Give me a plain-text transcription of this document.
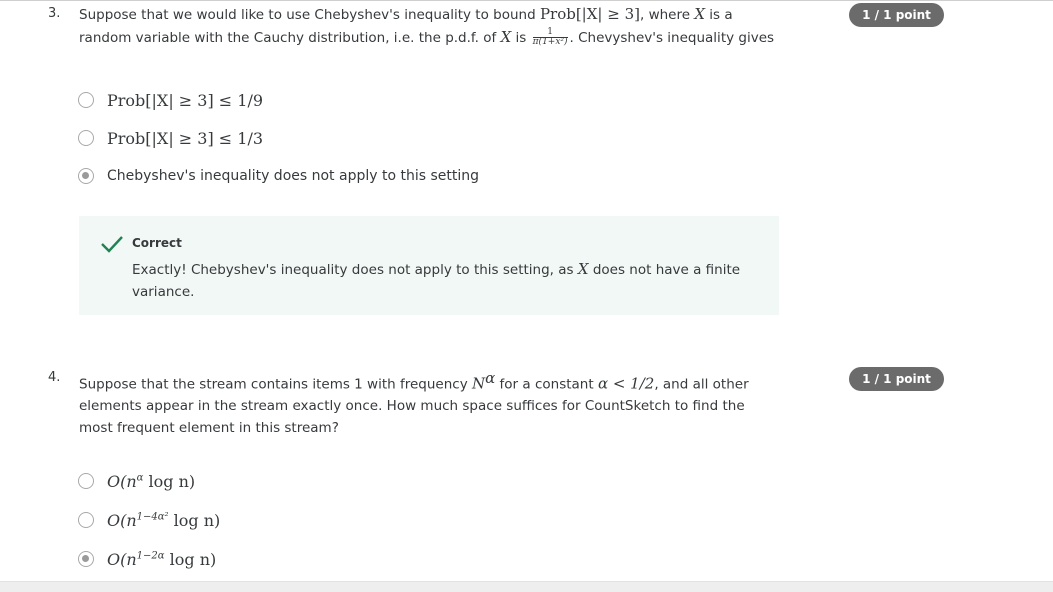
3. Suppose that we would like to use Chebyshev's inequality to bound Prob[|X| ≥ 3], where X is a random variable with the Cauchy distribution, i.e. the p.d.f. of X is $\frac{1}{\text{π(1+x²)}}$ . Chevyshev's inequality gives
1 / 1 point
Prob[|X| ≥ 3] ≤ 1/9
Prob[|X| ≥ 3] ≤ 1/3
Chebyshev's inequality does not apply to this setting
Correct
Exactly! Chebyshev's inequality does not apply to this setting, as X does not have a finite variance.
4. Suppose that the stream contains items 1 with frequency $N^\alpha$ for a constant α < 1/2, and all other elements appear in the stream exactly once. How much space suffices for CountSketch to find the most frequent element in this stream?
1 / 1 point
$O(n^\alpha$ log n)
$O(n^{1-4\alpha^2}$ log n)
$O(n^{1-2\alpha}$ log n)
